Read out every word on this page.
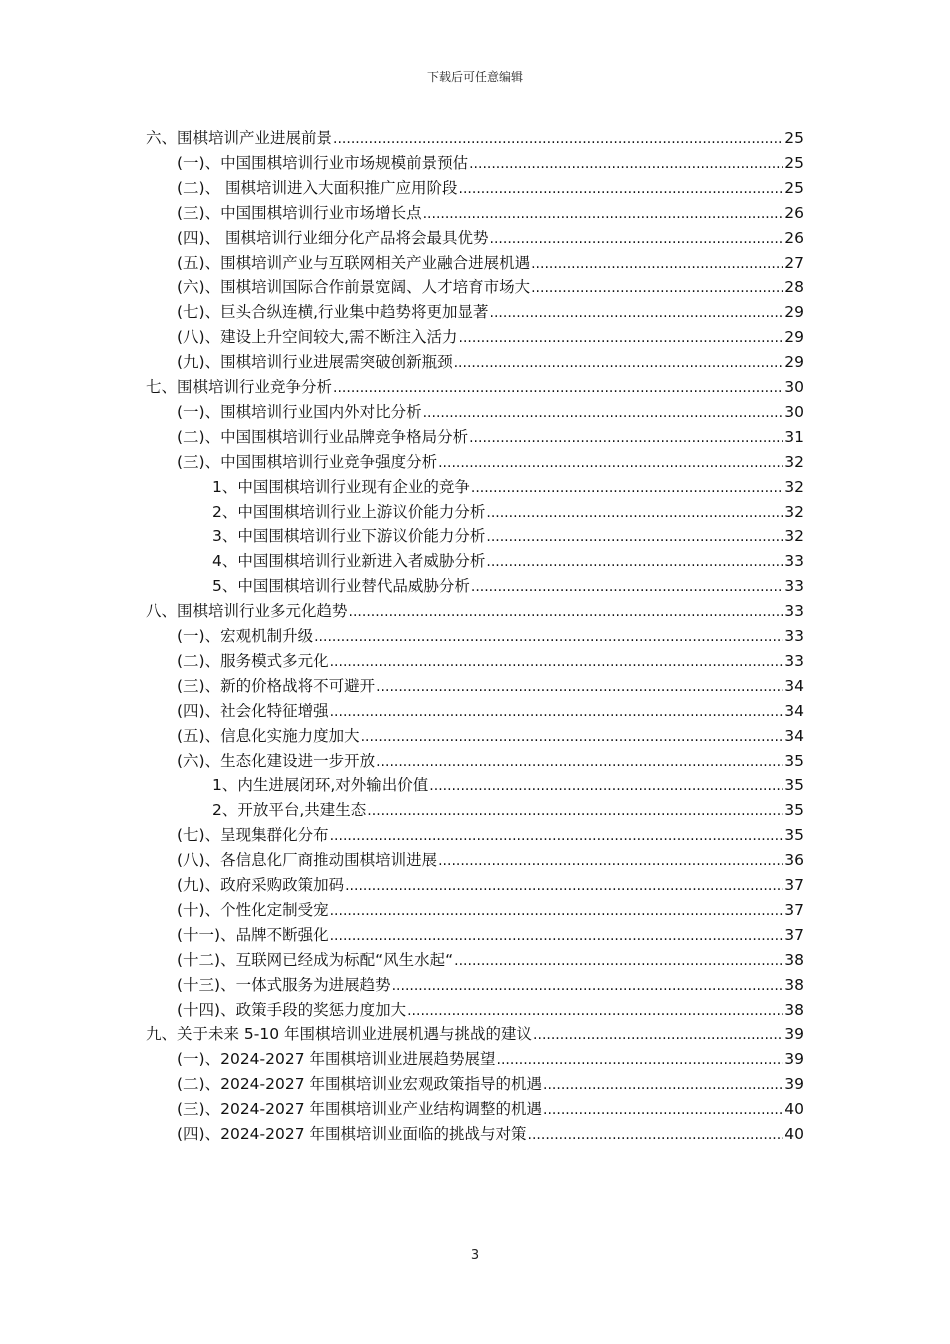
下载后可任意编辑
六、围棋培训产业进展前景 .....	25
(一)、中国围棋培训行业市场规模前景预估 .....	25
(二)、 围棋培训进入大面积推广应用阶段 .....	25
(三)、中国围棋培训行业市场增长点 .....	26
(四)、 围棋培训行业细分化产品将会最具优势 .....	26
(五)、围棋培训产业与互联网相关产业融合进展机遇 .....	27
(六)、围棋培训国际合作前景宽阔、人才培育市场大 .....	28
(七)、巨头合纵连横,行业集中趋势将更加显著 .....	29
(八)、建设上升空间较大,需不断注入活力 .....	29
(九)、围棋培训行业进展需突破创新瓶颈 .....	29
七、围棋培训行业竞争分析 .....	30
(一)、围棋培训行业国内外对比分析 .....	30
(二)、中国围棋培训行业品牌竞争格局分析 .....	31
(三)、中国围棋培训行业竞争强度分析 .....	32
1、中国围棋培训行业现有企业的竞争 .....	32
2、中国围棋培训行业上游议价能力分析 .....	32
3、中国围棋培训行业下游议价能力分析 .....	32
4、中国围棋培训行业新进入者威胁分析 .....	33
5、中国围棋培训行业替代品威胁分析 .....	33
八、围棋培训行业多元化趋势 .....	33
(一)、宏观机制升级 .....	33
(二)、服务模式多元化 .....	33
(三)、新的价格战将不可避开 .....	34
(四)、社会化特征增强 .....	34
(五)、信息化实施力度加大 .....	34
(六)、生态化建设进一步开放 .....	35
1、内生进展闭环,对外输出价值 .....	35
2、开放平台,共建生态 .....	35
(七)、呈现集群化分布 .....	35
(八)、各信息化厂商推动围棋培训进展 .....	36
(九)、政府采购政策加码 .....	37
(十)、个性化定制受宠 .....	37
(十一)、品牌不断强化 .....	37
(十二)、互联网已经成为标配“风生水起“ .....	38
(十三)、一体式服务为进展趋势 .....	38
(十四)、政策手段的奖惩力度加大 .....	38
九、关于未来 5-10 年围棋培训业进展机遇与挑战的建议 .....	39
(一)、2024-2027 年围棋培训业进展趋势展望 .....	39
(二)、2024-2027 年围棋培训业宏观政策指导的机遇 .....	39
(三)、2024-2027 年围棋培训业产业结构调整的机遇 .....	40
(四)、2024-2027 年围棋培训业面临的挑战与对策 .....	40
3
